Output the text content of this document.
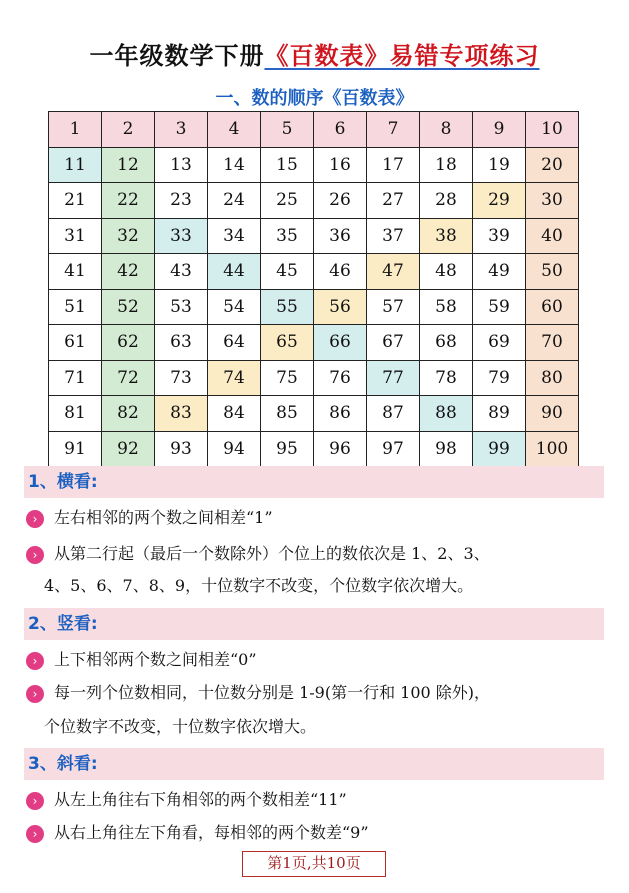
一年级数学下册《百数表》易错专项练习
一、数的顺序《百数表》
1	2	3	4	5	6	7	8	9	10
11	12	13	14	15	16	17	18	19	20
21	22	23	24	25	26	27	28	29	30
31	32	33	34	35	36	37	38	39	40
41	42	43	44	45	46	47	48	49	50
51	52	53	54	55	56	57	58	59	60
61	62	63	64	65	66	67	68	69	70
71	72	73	74	75	76	77	78	79	80
81	82	83	84	85	86	87	88	89	90
91	92	93	94	95	96	97	98	99	100
1、横看:
› 左右相邻的两个数之间相差“1”
› 从第二行起（最后一个数除外）个位上的数依次是 1、2、3、
4、5、6、7、8、9，十位数字不改变，个位数字依次增大。
2、竖看:
› 上下相邻两个数之间相差“0”
› 每一列个位数相同，十位数分别是 1-9(第一行和 100 除外)，
个位数字不改变，十位数字依次增大。
3、斜看:
› 从左上角往右下角相邻的两个数相差“11”
› 从右上角往左下角看，每相邻的两个数差“9”
第1页,共10页
